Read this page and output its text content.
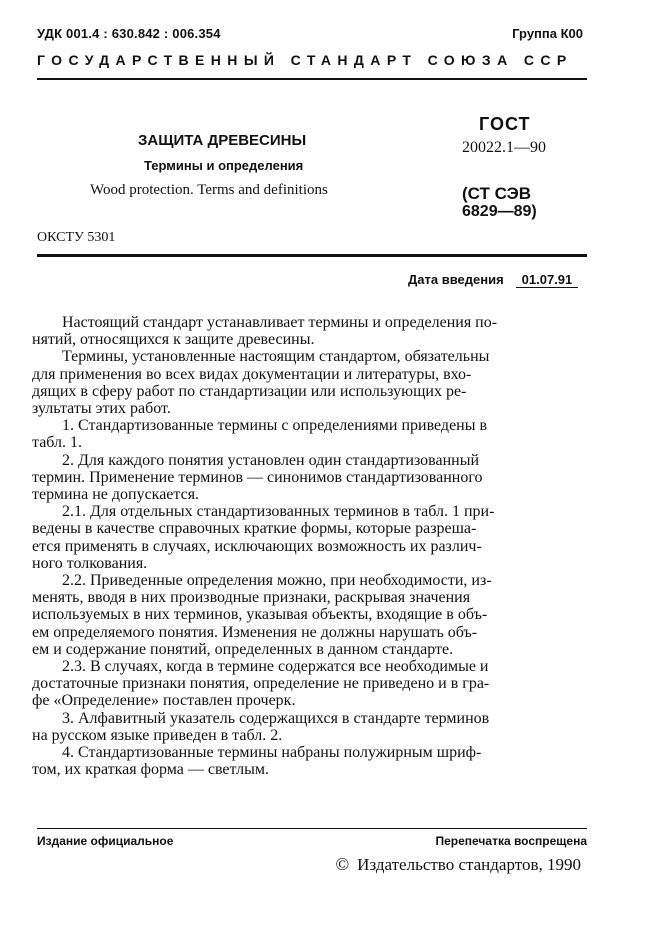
УДК 001.4 : 630.842 : 006.354	Группа К00
ГОСУДАРСТВЕННЫЙ СТАНДАРТ СОЮЗА ССР
ЗАЩИТА ДРЕВЕСИНЫ
Термины и определения
Wood protection. Terms and definitions
ГОСТ
20022.1—90
(СТ СЭВ
6829—89)
ОКСТУ 5301
Дата введения 01.07.91

Настоящий стандарт устанавливает термины и определения по-
нятий, относящихся к защите древесины.

Термины, установленные настоящим стандартом, обязательны
для применения во всех видах документации и литературы, вхо-
дящих в сферу работ по стандартизации или использующих ре-
зультаты этих работ.

1. Стандартизованные термины с определениями приведены в
табл. 1.

2. Для каждого понятия установлен один стандартизованный
термин. Применение терминов — синонимов стандартизованного
термина не допускается.

2.1. Для отдельных стандартизованных терминов в табл. 1 при-
ведены в качестве справочных краткие формы, которые разреша-
ется применять в случаях, исключающих возможность их различ-
ного толкования.

2.2. Приведенные определения можно, при необходимости, из-
менять, вводя в них производные признаки, раскрывая значения
используемых в них терминов, указывая объекты, входящие в объ-
ем определяемого понятия. Изменения не должны нарушать объ-
ем и содержание понятий, определенных в данном стандарте.

2.3. В случаях, когда в термине содержатся все необходимые и
достаточные признаки понятия, определение не приведено и в гра-
фе «Определение» поставлен прочерк.

3. Алфавитный указатель содержащихся в стандарте терминов
на русском языке приведен в табл. 2.

4. Стандартизованные термины набраны полужирным шриф-
том, их краткая форма — светлым.

Издание официальное	Перепечатка воспрещена
© Издательство стандартов, 1990
